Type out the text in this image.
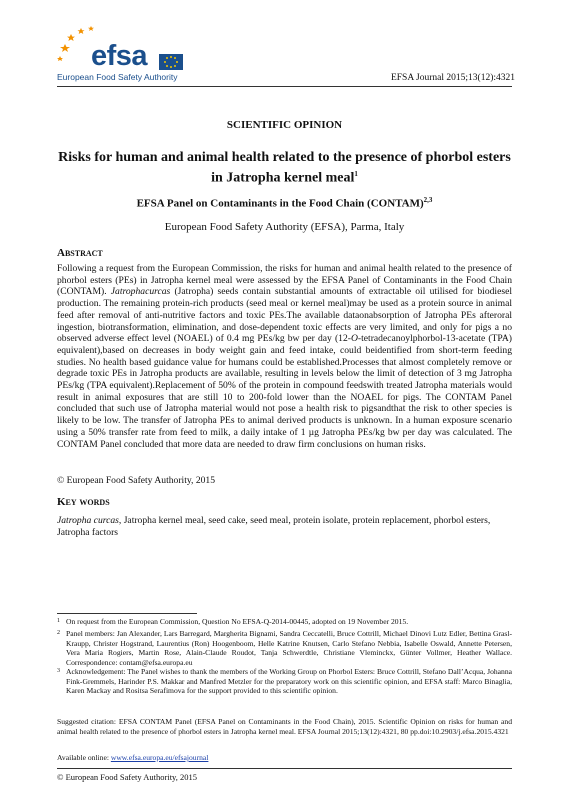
efsa
European Food Safety Authority	EFSA Journal 2015;13(12):4321
SCIENTIFIC OPINION
Risks for human and animal health related to the presence of phorbol esters in Jatropha kernel meal$^1$
EFSA Panel on Contaminants in the Food Chain (CONTAM)$^{2,3}$
European Food Safety Authority (EFSA), Parma, Italy
Abstract
Following a request from the European Commission, the risks for human and animal health related to the presence of phorbol esters (PEs) in Jatropha kernel meal were assessed by the EFSA Panel of Contaminants in the Food Chain (CONTAM). Jatrophacurcas (Jatropha) seeds contain substantial amounts of extractable oil utilised for biodiesel production. The remaining protein-rich products (seed meal or kernel meal)may be used as a protein source in animal feed after removal of anti-nutritive factors and toxic PEs.The available dataonabsorption of Jatropha PEs afteroral ingestion, biotransformation, elimination, and dose-dependent toxic effects are very limited, and only for pigs a no observed adverse effect level (NOAEL) of 0.4 mg PEs/kg bw per day (12-O-tetradecanoylphorbol-13-acetate (TPA) equivalent),based on decreases in body weight gain and feed intake, could beidentified from short-term feeding studies. No health based guidance value for humans could be established.Processes that almost completely remove or degrade toxic PEs in Jatropha products are available, resulting in levels below the limit of detection of 3 mg Jatropha PEs/kg (TPA equivalent).Replacement of 50% of the protein in compound feedswith treated Jatropha materials would result in animal exposures that are still 10 to 200-fold lower than the NOAEL for pigs. The CONTAM Panel concluded that such use of Jatropha material would not pose a health risk to pigsandthat the risk to other species is likely to be low. The transfer of Jatropha PEs to animal derived products is unknown. In a human exposure scenario using a 50% transfer rate from feed to milk, a daily intake of 1 µg Jatropha PEs/kg bw per day was calculated. The CONTAM Panel concluded that more data are needed to draw firm conclusions on human risks.
© European Food Safety Authority, 2015
Key words
Jatropha curcas, Jatropha kernel meal, seed cake, seed meal, protein isolate, protein replacement, phorbol esters, Jatropha factors
1 On request from the European Commission, Question No EFSA-Q-2014-00445, adopted on 19 November 2015.
2 Panel members: Jan Alexander, Lars Barregard, Margherita Bignami, Sandra Ceccatelli, Bruce Cottrill, Michael Dinovi Lutz Edler, Bettina Grasl-Kraupp, Christer Hogstrand, Laurentius (Ron) Hoogenboom, Helle Katrine Knutsen, Carlo Stefano Nebbia, Isabelle Oswald, Annette Petersen, Vera Maria Rogiers, Martin Rose, Alain-Claude Roudot, Tanja Schwerdtle, Christiane Vleminckx, Günter Vollmer, Heather Wallace. Correspondence: contam@efsa.europa.eu
3 Acknowledgement: The Panel wishes to thank the members of the Working Group on Phorbol Esters: Bruce Cottrill, Stefano Dall’Acqua, Johanna Fink-Gremmels, Harinder P.S. Makkar and Manfred Metzler for the preparatory work on this scientific opinion, and EFSA staff: Marco Binaglia, Karen Mackay and Rositsa Serafimova for the support provided to this scientific opinion.
Suggested citation: EFSA CONTAM Panel (EFSA Panel on Contaminants in the Food Chain), 2015. Scientific Opinion on risks for human and animal health related to the presence of phorbol esters in Jatropha kernel meal. EFSA Journal 2015;13(12):4321, 80 pp.doi:10.2903/j.efsa.2015.4321
Available online: www.efsa.europa.eu/efsajournal
© European Food Safety Authority, 2015
